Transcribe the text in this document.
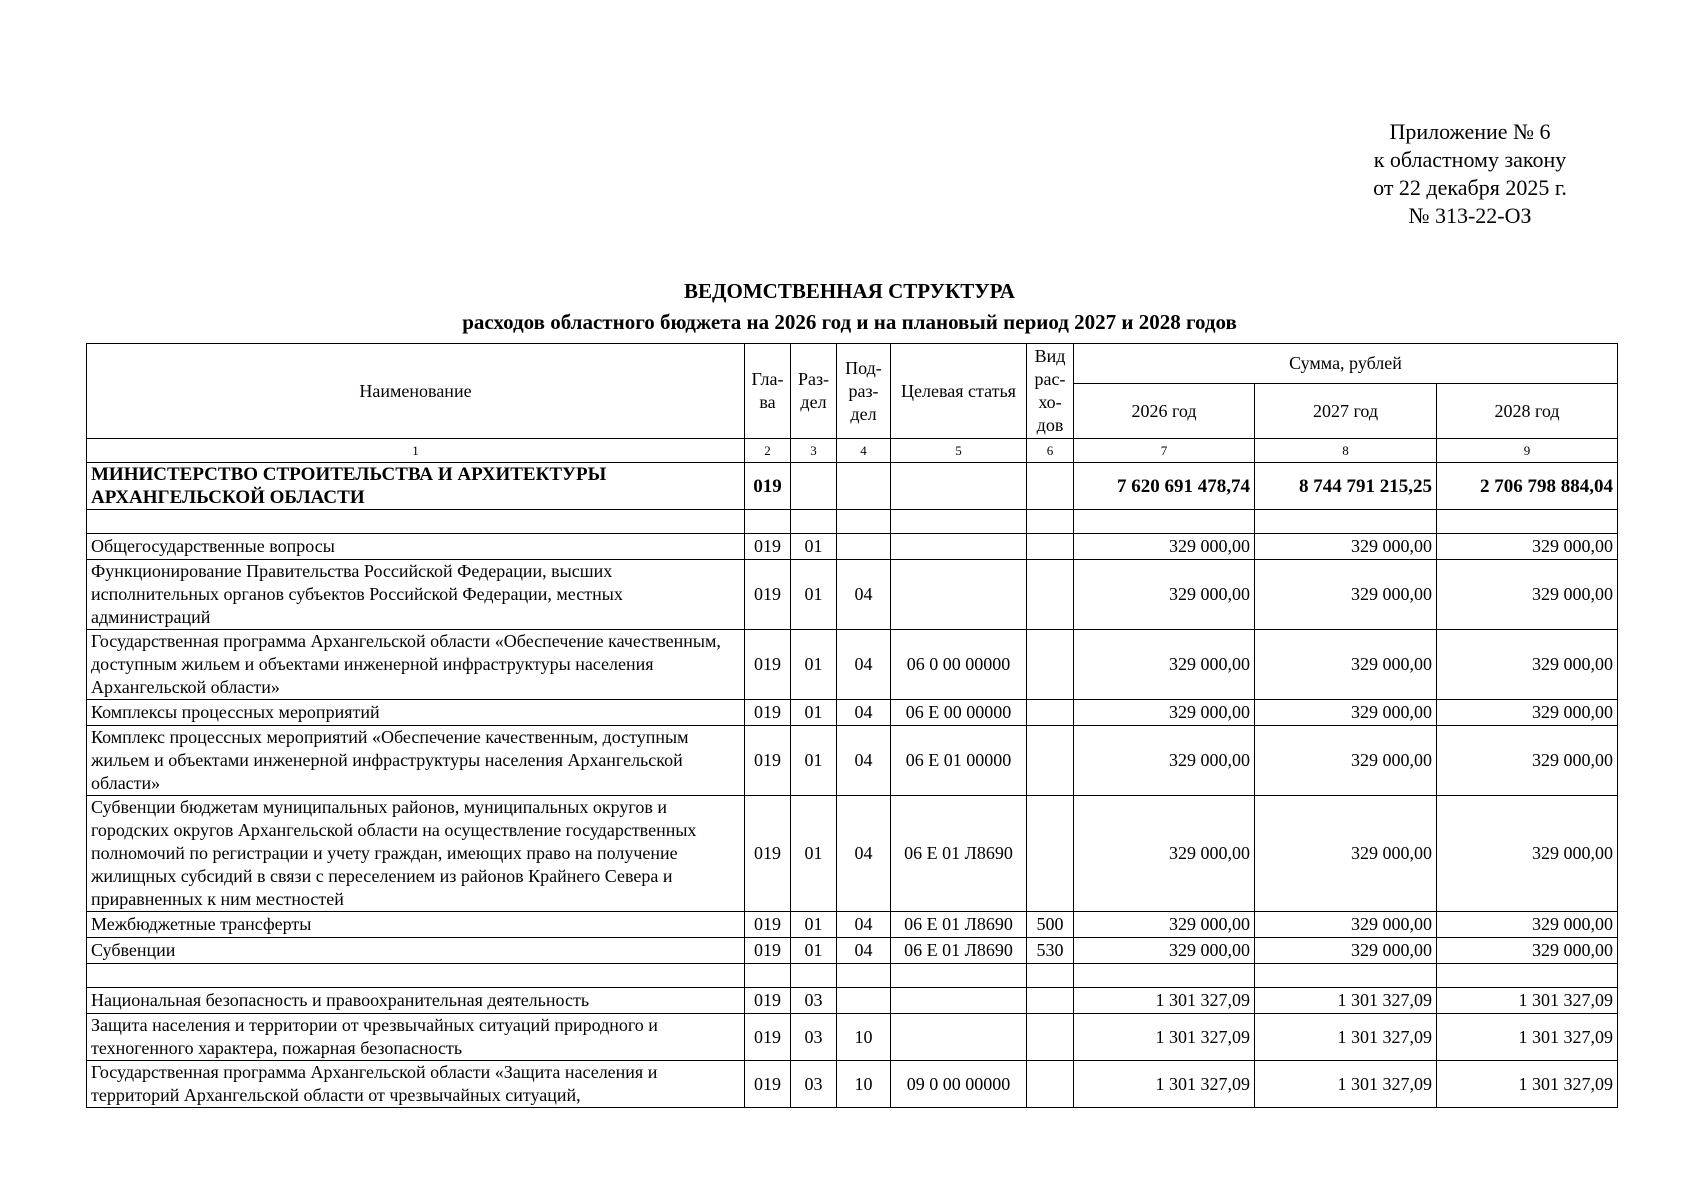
Приложение № 6
к областному закону
от 22 декабря 2025 г.
№ 313-22-ОЗ
ВЕДОМСТВЕННАЯ СТРУКТУРА
расходов областного бюджета на 2026 год и на плановый период 2027 и 2028 годов
Наименование	Гла-ва	Раз-дел	Под-раз-дел	Целевая статья	Вид рас-хо-дов	Сумма, рублей		
						2026 год	2027 год	2028 год
1	2	3	4	5	6	7	8	9
МИНИСТЕРСТВО СТРОИТЕЛЬСТВА И АРХИТЕКТУРЫ АРХАНГЕЛЬСКОЙ ОБЛАСТИ	019					7 620 691 478,74	8 744 791 215,25	2 706 798 884,04

Общегосударственные вопросы	019	01				329 000,00	329 000,00	329 000,00
Функционирование Правительства Российской Федерации, высших исполнительных органов субъектов Российской Федерации, местных администраций	019	01	04			329 000,00	329 000,00	329 000,00
Государственная программа Архангельской области «Обеспечение качественным, доступным жильем и объектами инженерной инфраструктуры населения Архангельской области»	019	01	04	06 0 00 00000		329 000,00	329 000,00	329 000,00
Комплексы процессных мероприятий	019	01	04	06 Е 00 00000		329 000,00	329 000,00	329 000,00
Комплекс процессных мероприятий «Обеспечение качественным, доступным жильем и объектами инженерной инфраструктуры населения Архангельской области»	019	01	04	06 Е 01 00000		329 000,00	329 000,00	329 000,00
Субвенции бюджетам муниципальных районов, муниципальных округов и городских округов Архангельской области на осуществление государственных полномочий по регистрации и учету граждан, имеющих право на получение жилищных субсидий в связи с переселением из районов Крайнего Севера и приравненных к ним местностей	019	01	04	06 Е 01 Л8690		329 000,00	329 000,00	329 000,00
Межбюджетные трансферты	019	01	04	06 Е 01 Л8690	500	329 000,00	329 000,00	329 000,00
Субвенции	019	01	04	06 Е 01 Л8690	530	329 000,00	329 000,00	329 000,00

Национальная безопасность и правоохранительная деятельность	019	03				1 301 327,09	1 301 327,09	1 301 327,09
Защита населения и территории от чрезвычайных ситуаций природного и техногенного характера, пожарная безопасность	019	03	10			1 301 327,09	1 301 327,09	1 301 327,09
Государственная программа Архангельской области «Защита населения и территорий Архангельской области от чрезвычайных ситуаций,	019	03	10	09 0 00 00000		1 301 327,09	1 301 327,09	1 301 327,09
